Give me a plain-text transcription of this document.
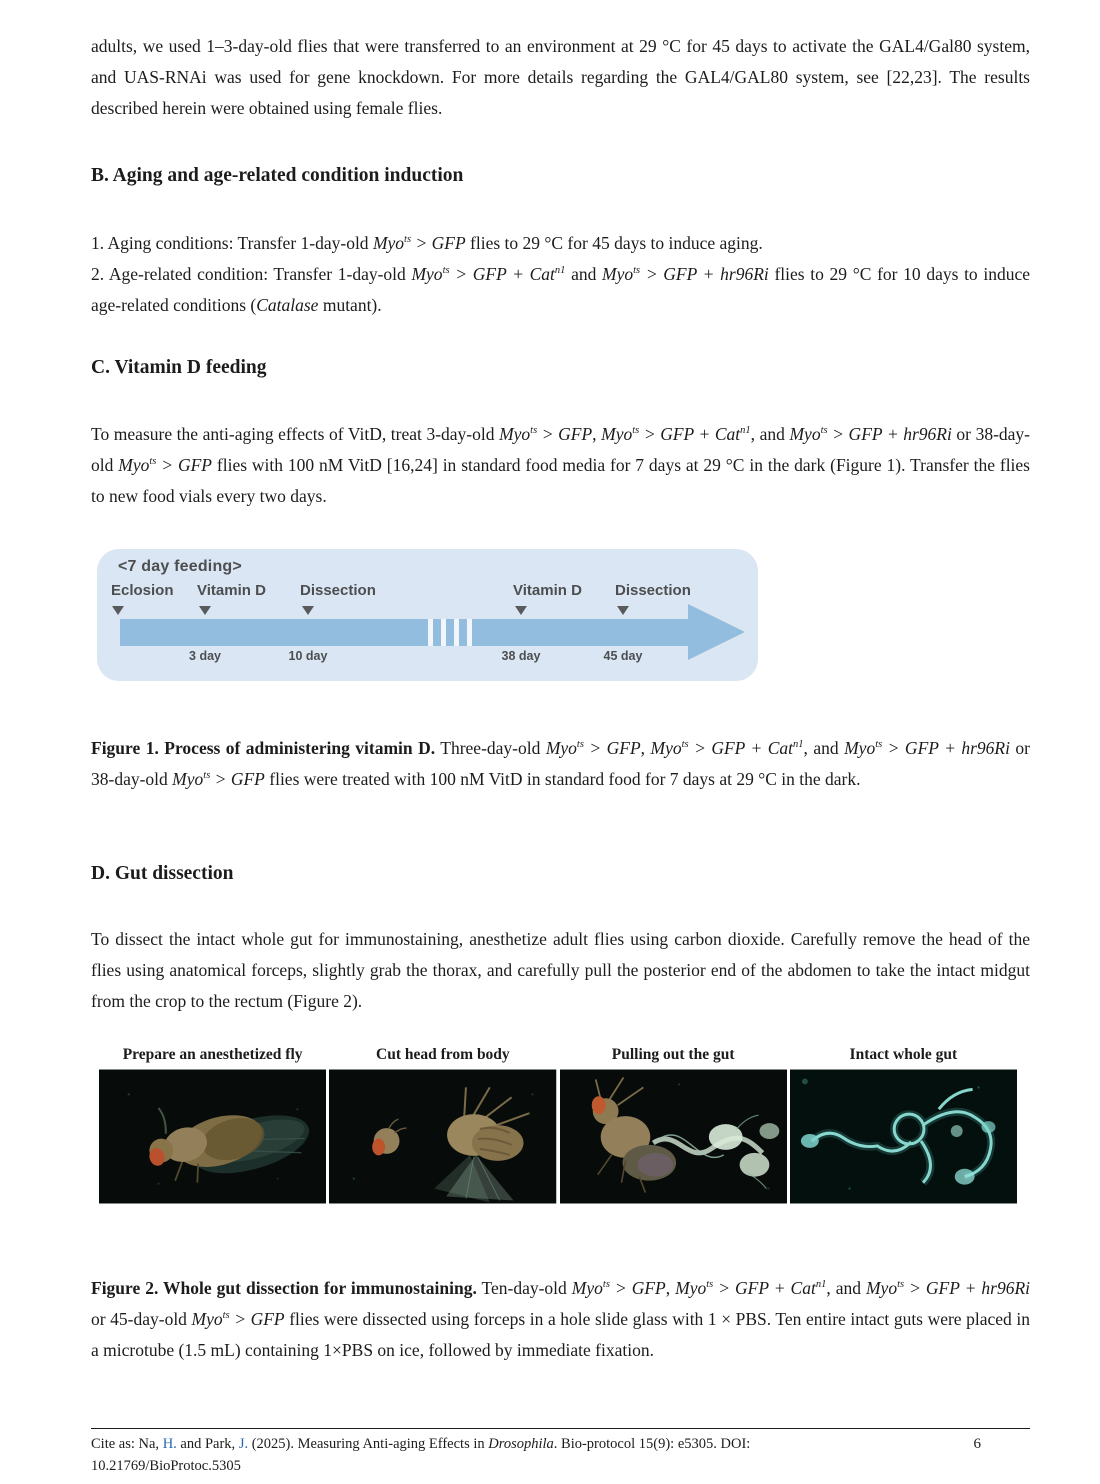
adults, we used 1–3-day-old flies that were transferred to an environment at 29 °C for 45 days to activate the GAL4/Gal80 system, and UAS-RNAi was used for gene knockdown. For more details regarding the GAL4/GAL80 system, see [22,23]. The results described herein were obtained using female flies.

B. Aging and age-related condition induction
1. Aging conditions: Transfer 1-day-old Myo$^{ts}$ > GFP flies to 29 °C for 45 days to induce aging.
2. Age-related condition: Transfer 1-day-old Myo$^{ts}$ > GFP + Cat$^{n1}$ and Myo$^{ts}$ > GFP + hr96Ri flies to 29 °C for 10 days to induce age-related conditions (Catalase mutant).
C. Vitamin D feeding

To measure the anti-aging effects of VitD, treat 3-day-old Myo$^{ts}$ > GFP, Myo$^{ts}$ > GFP + Cat$^{n1}$, and Myo$^{ts}$ > GFP + hr96Ri or 38-day-old Myo$^{ts}$ > GFP flies with 100 nM VitD [16,24] in standard food media for 7 days at 29 °C in the dark (Figure 1). Transfer the flies to new food vials every two days.

<7 day feeding>
Eclosion Vitamin D Dissection	Vitamin D Dissection
3 day	10 day	38 day	45 day

Figure 1. Process of administering vitamin D. Three-day-old Myo$^{ts}$ > GFP, Myo$^{ts}$ > GFP + Cat$^{n1}$, and Myo$^{ts}$ > GFP + hr96Ri or 38-day-old Myo$^{ts}$ > GFP flies were treated with 100 nM VitD in standard food for 7 days at 29 °C in the dark.

D. Gut dissection

To dissect the intact whole gut for immunostaining, anesthetize adult flies using carbon dioxide. Carefully remove the head of the flies using anatomical forceps, slightly grab the thorax, and carefully pull the posterior end of the abdomen to take the intact midgut from the crop to the rectum (Figure 2).

Prepare an anesthetized fly	Cut head from body	Pulling out the gut	Intact whole gut

Figure 2. Whole gut dissection for immunostaining. Ten-day-old Myo$^{ts}$ > GFP, Myo$^{ts}$ > GFP + Cat$^{n1}$, and Myo$^{ts}$ > GFP + hr96Ri or 45-day-old Myo$^{ts}$ > GFP flies were dissected using forceps in a hole slide glass with 1 × PBS. Ten entire intact guts were placed in a microtube (1.5 mL) containing 1×PBS on ice, followed by immediate fixation.

Cite as: Na, H. and Park, J. (2025). Measuring Anti-aging Effects in Drosophila. Bio-protocol 15(9): e5305. DOI:
10.21769/BioProtoc.5305
6
